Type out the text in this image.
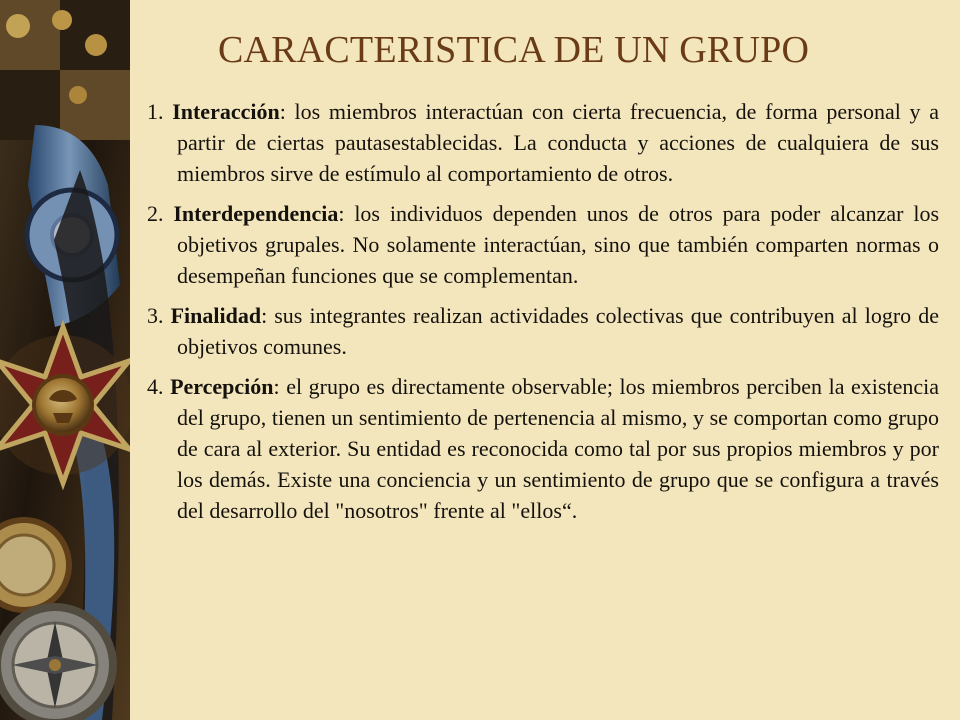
CARACTERISTICA DE UN GRUPO
1. Interacción: los miembros interactúan con cierta frecuencia, de forma personal y a partir de ciertas pautasestablecidas. La conducta y acciones de cualquiera de sus miembros sirve de estímulo al comportamiento de otros.
2. Interdependencia: los individuos dependen unos de otros para poder alcanzar los objetivos grupales. No solamente interactúan, sino que también comparten normas o desempeñan funciones que se complementan.
3. Finalidad: sus integrantes realizan actividades colectivas que contribuyen al logro de objetivos comunes.
4. Percepción: el grupo es directamente observable; los miembros perciben la existencia del grupo, tienen un sentimiento de pertenencia al mismo, y se comportan como grupo de cara al exterior. Su entidad es reconocida como tal por sus propios miembros y por los demás. Existe una conciencia y un sentimiento de grupo que se configura a través del desarrollo del "nosotros" frente al "ellos“.
